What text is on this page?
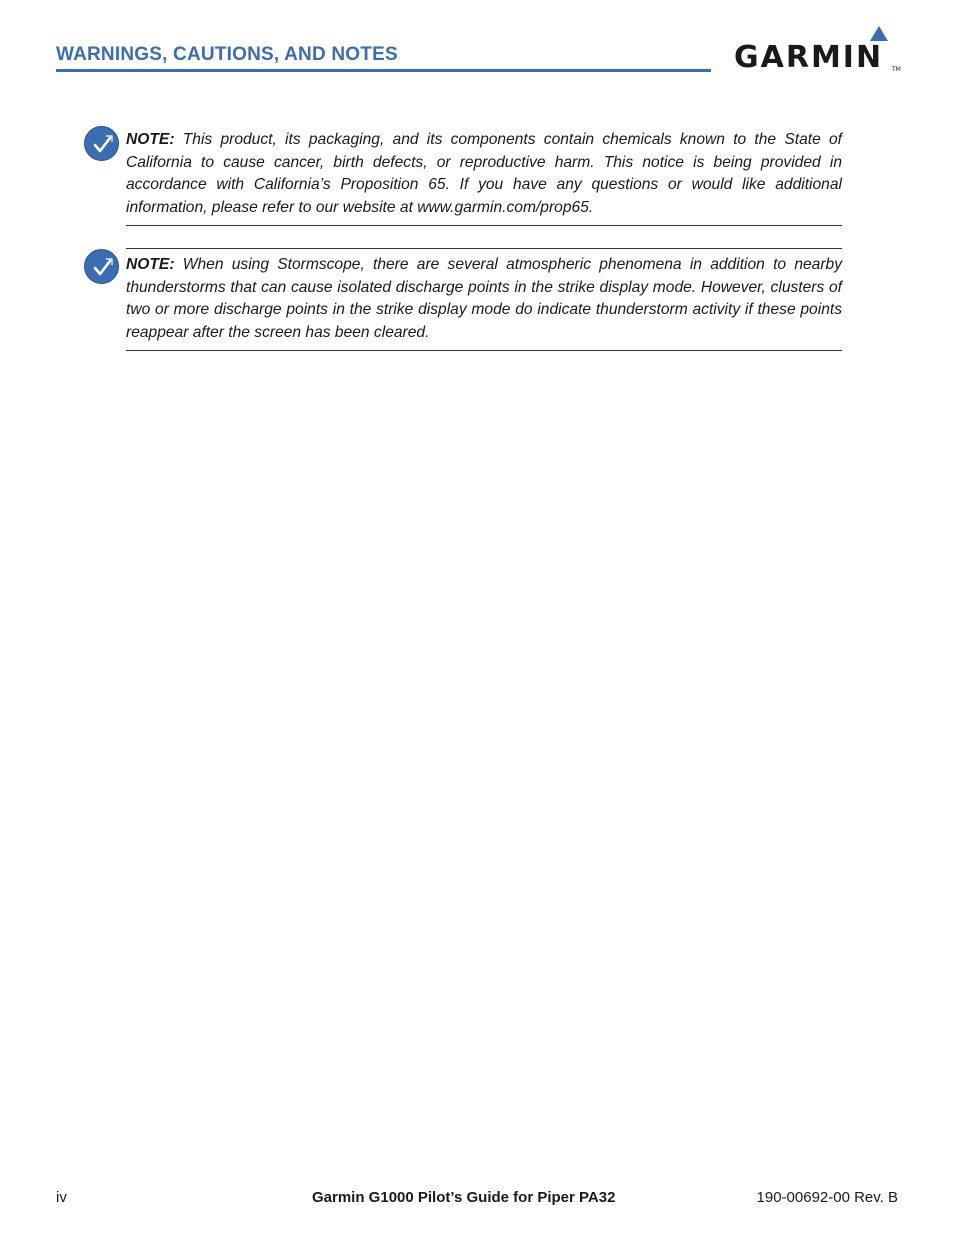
WARNINGS, CAUTIONS, AND NOTES	GARMIN TM

NOTE: This product, its packaging, and its components contain chemicals known to the State of California to cause cancer, birth defects, or reproductive harm. This notice is being provided in accordance with California’s Proposition 65. If you have any questions or would like additional information, please refer to our website at www.garmin.com/prop65.

NOTE: When using Stormscope, there are several atmospheric phenomena in addition to nearby thunderstorms that can cause isolated discharge points in the strike display mode. However, clusters of two or more discharge points in the strike display mode do indicate thunderstorm activity if these points reappear after the screen has been cleared.

iv	Garmin G1000 Pilot’s Guide for Piper PA32	190-00692-00 Rev. B
